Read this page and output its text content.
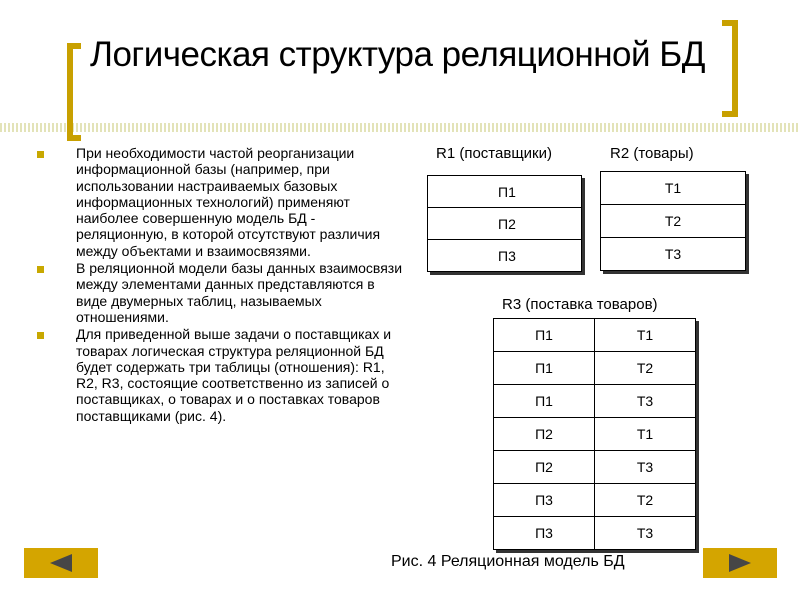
Логическая структура реляционной БД
При необходимости частой реорганизации информационной базы (например, при использовании настраиваемых базовых информационных технологий) применяют наиболее совершенную модель БД - реляционную, в которой отсутствуют различия между объектами и взаимосвязями.
В реляционной модели базы данных взаимосвязи между элементами данных представляются в виде двумерных таблиц, называемых отношениями.
Для приведенной выше задачи о поставщиках и товарах логическая структура реляционной БД будет содержать три таблицы (отношения): R1, R2, R3, состоящие соответственно из записей о поставщиках, о товарах и о поставках товаров поставщиками (рис. 4).
R1 (поставщики)	R2 (товары)
R3 (поставка товаров)
П1
П2
П3
Т1
Т2
Т3
П1	Т1
П1	Т2
П1	Т3
П2	Т1
П2	Т3
П3	Т2
П3	Т3
Рис. 4 Реляционная модель БД
